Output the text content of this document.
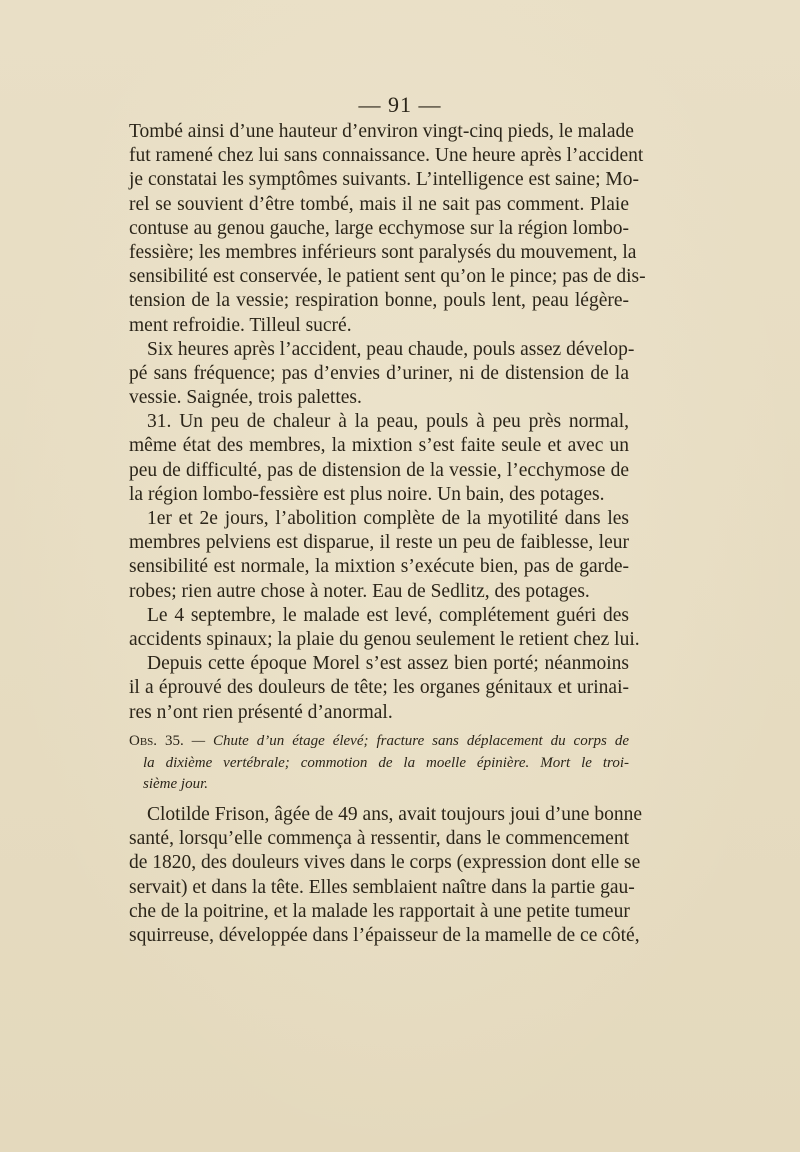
— 91 —
Tombé ainsi d’une hauteur d’environ vingt-cinq pieds, le malade
fut ramené chez lui sans connaissance. Une heure après l’accident
je constatai les symptômes suivants. L’intelligence est saine; Mo-
rel se souvient d’être tombé, mais il ne sait pas comment. Plaie
contuse au genou gauche, large ecchymose sur la région lombo-
fessière; les membres inférieurs sont paralysés du mouvement, la
sensibilité est conservée, le patient sent qu’on le pince; pas de dis-
tension de la vessie; respiration bonne, pouls lent, peau légère-
ment refroidie. Tilleul sucré.
Six heures après l’accident, peau chaude, pouls assez dévelop-
pé sans fréquence; pas d’envies d’uriner, ni de distension de la
vessie. Saignée, trois palettes.
31. Un peu de chaleur à la peau, pouls à peu près normal,
même état des membres, la mixtion s’est faite seule et avec un
peu de difficulté, pas de distension de la vessie, l’ecchymose de
la région lombo-fessière est plus noire. Un bain, des potages.
1er et 2e jours, l’abolition complète de la myotilité dans les
membres pelviens est disparue, il reste un peu de faiblesse, leur
sensibilité est normale, la mixtion s’exécute bien, pas de garde-
robes; rien autre chose à noter. Eau de Sedlitz, des potages.
Le 4 septembre, le malade est levé, complétement guéri des
accidents spinaux; la plaie du genou seulement le retient chez lui.
Depuis cette époque Morel s’est assez bien porté; néanmoins
il a éprouvé des douleurs de tête; les organes génitaux et urinai-
res n’ont rien présenté d’anormal.
Obs. 35. — Chute d’un étage élevé; fracture sans déplacement du corps de
la dixième vertébrale; commotion de la moelle épinière. Mort le troi-
sième jour.
Clotilde Frison, âgée de 49 ans, avait toujours joui d’une bonne
santé, lorsqu’elle commença à ressentir, dans le commencement
de 1820, des douleurs vives dans le corps (expression dont elle se
servait) et dans la tête. Elles semblaient naître dans la partie gau-
che de la poitrine, et la malade les rapportait à une petite tumeur
squirreuse, développée dans l’épaisseur de la mamelle de ce côté,
